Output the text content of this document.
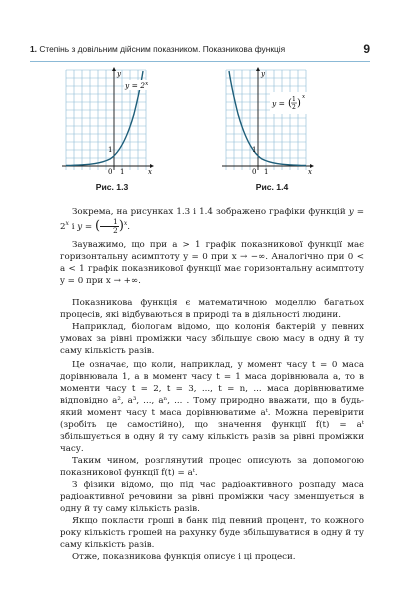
1. Степінь з довільним дійсним показником. Показникова функція	9
$y = 2^x$
1
0 1	x
y
Рис. 1.3
y = ( 1
2 )
x
1
0 1	x
y
Рис. 1.4

Зокрема, на рисунках 1.3 і 1.4 зображено графіки функцій $y = 2^x$ і y = ( $\frac{1}{2} )^x$.

Зауважимо, що при a > 1 графік показникової функції має горизонтальну асимптоту y = 0 при x → −∞. Аналогічно при 0 < a < 1 графік показникової функції має горизонтальну асимптоту y = 0 при x → +∞.

Показникова функція є математичною моделлю багатьох процесів, які відбуваються в природі та в діяльності людини.

Наприклад, біологам відомо, що колонія бактерій у певних умовах за рівні проміжки часу збільшує свою масу в одну й ту саму кількість разів.

Це означає, що коли, наприклад, у момент часу t = 0 маса дорівнювала 1, а в момент часу t = 1 маса дорівнювала a, то в моменти часу t = 2, t = 3, ..., t = n, ... маса дорівнюватиме відповідно a², a³, ..., aⁿ, ... . Тому природно вважати, що в будь-який момент часу t маса дорівнюватиме aᵗ. Можна перевірити (зробіть це самостійно), що значення функції f(t) = aᵗ збільшується в одну й ту саму кількість разів за рівні проміжки часу.

Таким чином, розглянутий процес описують за допомогою показникової функції f(t) = aᵗ.

З фізики відомо, що під час радіоактивного розпаду маса радіоактивної речовини за рівні проміжки часу зменшується в одну й ту саму кількість разів.

Якщо покласти гроші в банк під певний процент, то кожного року кількість грошей на рахунку буде збільшуватися в одну й ту саму кількість разів.

Отже, показникова функція описує і ці процеси.
